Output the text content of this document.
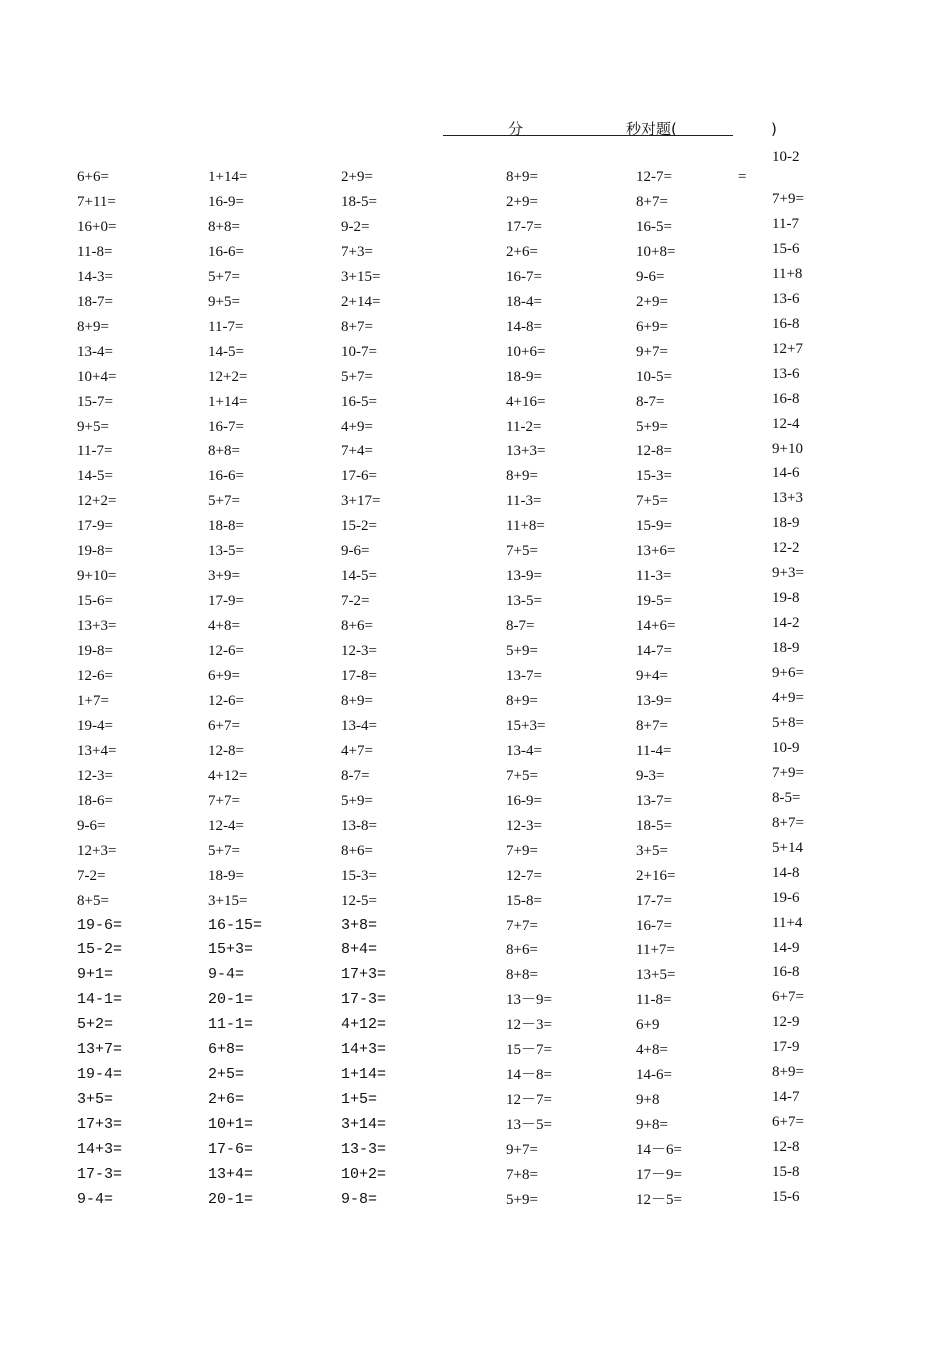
分	秒对题(	)
10-2
=
6+6=
7+11=
16+0=
11-8=
14-3=
18-7=
8+9=
13-4=
10+4=
15-7=
9+5=
11-7=
14-5=
12+2=
17-9=
19-8=
9+10=
15-6=
13+3=
19-8=
12-6=
1+7=
19-4=
13+4=
12-3=
18-6=
9-6=
12+3=
7-2=
8+5=
19-6=
15-2=
9+1=
14-1=
5+2=
13+7=
19-4=
3+5=
17+3=
14+3=
17-3=
9-4=
1+14=
16-9=
8+8=
16-6=
5+7=
9+5=
11-7=
14-5=
12+2=
1+14=
16-7=
8+8=
16-6=
5+7=
18-8=
13-5=
3+9=
17-9=
4+8=
12-6=
6+9=
12-6=
6+7=
12-8=
4+12=
7+7=
12-4=
5+7=
18-9=
3+15=
16-15=
15+3=
9-4=
20-1=
11-1=
6+8=
2+5=
2+6=
10+1=
17-6=
13+4=
20-1=
2+9=
18-5=
9-2=
7+3=
3+15=
2+14=
8+7=
10-7=
5+7=
16-5=
4+9=
7+4=
17-6=
3+17=
15-2=
9-6=
14-5=
7-2=
8+6=
12-3=
17-8=
8+9=
13-4=
4+7=
8-7=
5+9=
13-8=
8+6=
15-3=
12-5=
3+8=
8+4=
17+3=
17-3=
4+12=
14+3=
1+14=
1+5=
3+14=
13-3=
10+2=
9-8=
8+9=
2+9=
17-7=
2+6=
16-7=
18-4=
14-8=
10+6=
18-9=
4+16=
11-2=
13+3=
8+9=
11-3=
11+8=
7+5=
13-9=
13-5=
8-7=
5+9=
13-7=
8+9=
15+3=
13-4=
7+5=
16-9=
12-3=
7+9=
12-7=
15-8=
7+7=
8+6=
8+8=
13－9=
12－3=
15－7=
14－8=
12－7=
13－5=
9+7=
7+8=
5+9=
12-7=
8+7=
16-5=
10+8=
9-6=
2+9=
6+9=
9+7=
10-5=
8-7=
5+9=
12-8=
15-3=
7+5=
15-9=
13+6=
11-3=
19-5=
14+6=
14-7=
9+4=
13-9=
8+7=
11-4=
9-3=
13-7=
18-5=
3+5=
2+16=
17-7=
16-7=
11+7=
13+5=
11-8=
6+9
4+8=
14-6=
9+8
9+8=
14－6=
17－9=
12－5=
7+9=
11-7
15-6
11+8
13-6
16-8
12+7
13-6
16-8
12-4
9+10
14-6
13+3
18-9
12-2
9+3=
19-8
14-2
18-9
9+6=
4+9=
5+8=
10-9
7+9=
8-5=
8+7=
5+14
14-8
19-6
11+4
14-9
16-8
6+7=
12-9
17-9
8+9=
14-7
6+7=
12-8
15-8
15-6
